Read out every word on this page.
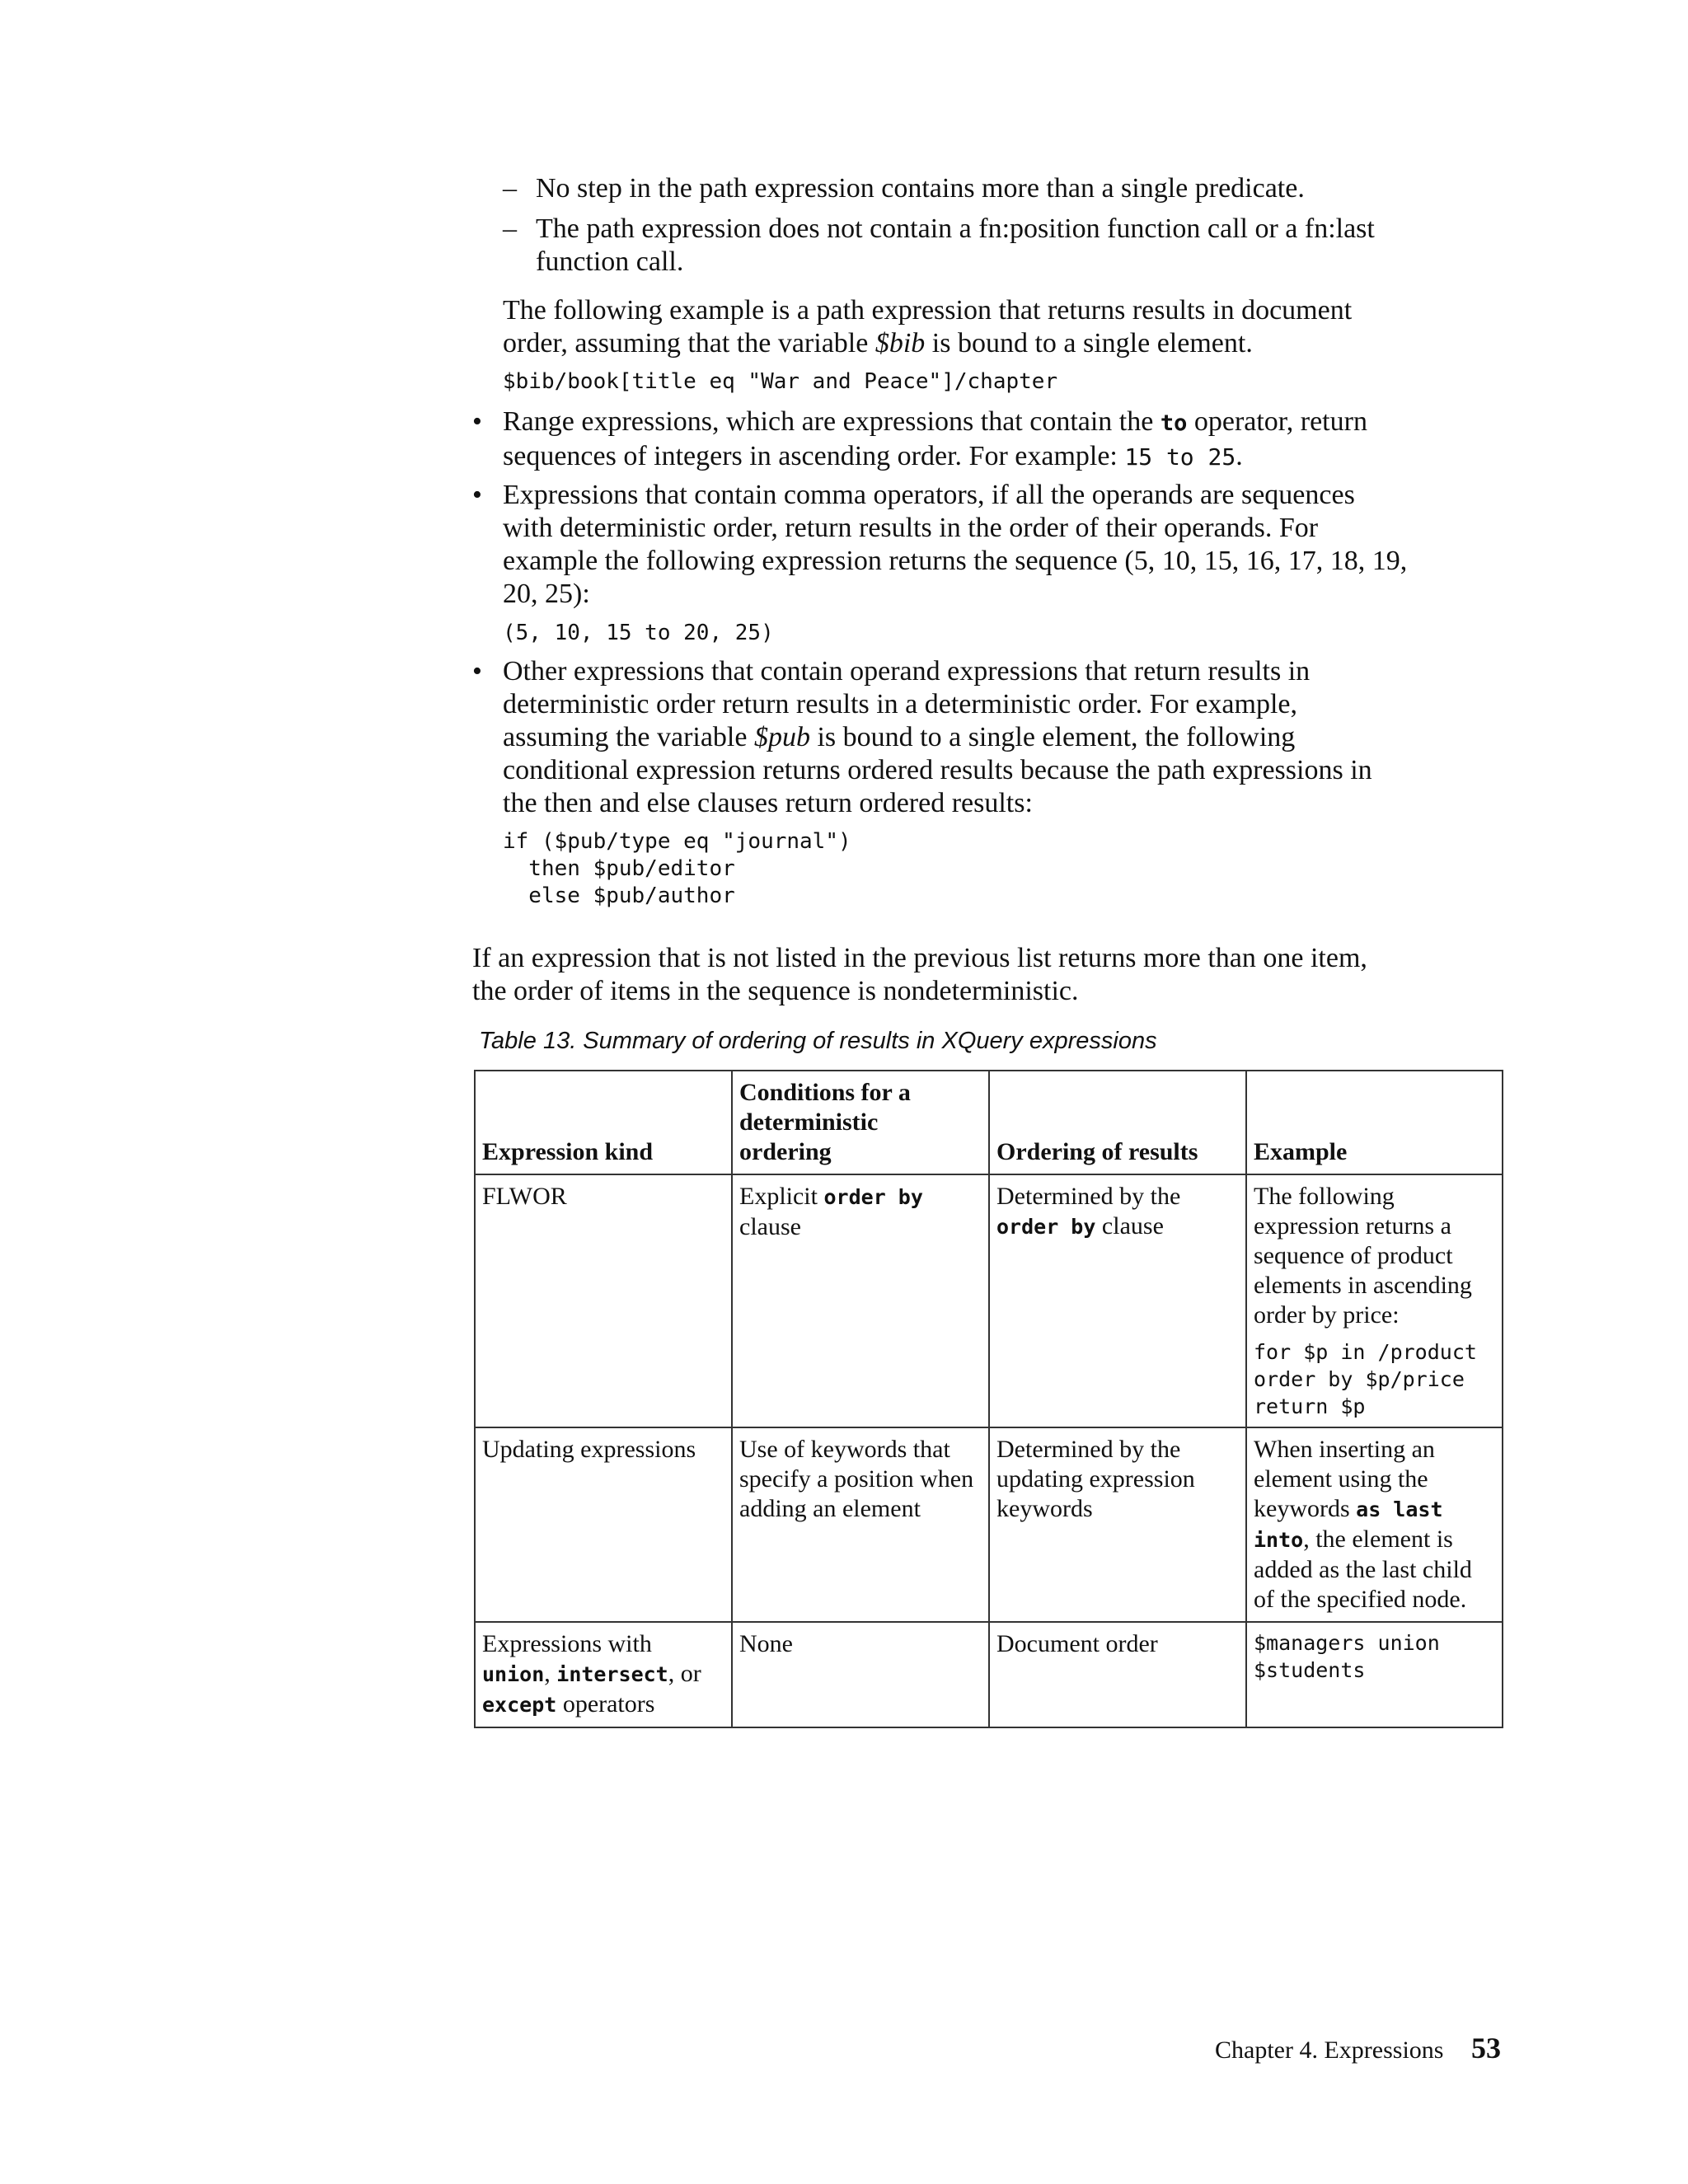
– No step in the path expression contains more than a single predicate.

– The path expression does not contain a fn:position function call or a fn:last
function call.

The following example is a path expression that returns results in document
order, assuming that the variable $bib is bound to a single element.

$bib/book[title eq "War and Peace"]/chapter
• Range expressions, which are expressions that contain the to operator, return
sequences of integers in ascending order. For example: 15 to 25.

• Expressions that contain comma operators, if all the operands are sequences
with deterministic order, return results in the order of their operands. For
example the following expression returns the sequence (5, 10, 15, 16, 17, 18, 19,
20, 25):

(5, 10, 15 to 20, 25)
• Other expressions that contain operand expressions that return results in
deterministic order return results in a deterministic order. For example,
assuming the variable $pub is bound to a single element, the following
conditional expression returns ordered results because the path expressions in
the then and else clauses return ordered results:

if ($pub/type eq "journal")
then $pub/editor
else $pub/author

If an expression that is not listed in the previous list returns more than one item,
the order of items in the sequence is nondeterministic.

Table 13. Summary of ordering of results in XQuery expressions

Expression kind	Conditions for a
deterministic
ordering	Ordering of results	Example
FLWOR	Explicit order by
clause	Determined by the
order by clause	The following expression returns a sequence of product elements in ascending order by price:
for $p in /product
order by $p/price
return $p

Updating expressions	Use of keywords that specify a position when adding an element	Determined by the updating expression keywords	When inserting an element using the keywords as last into, the element is added as the last child of the specified node.
Expressions with
union, intersect, or
except operators	None	Document order	$managers union
$students
Chapter 4. Expressions 53
